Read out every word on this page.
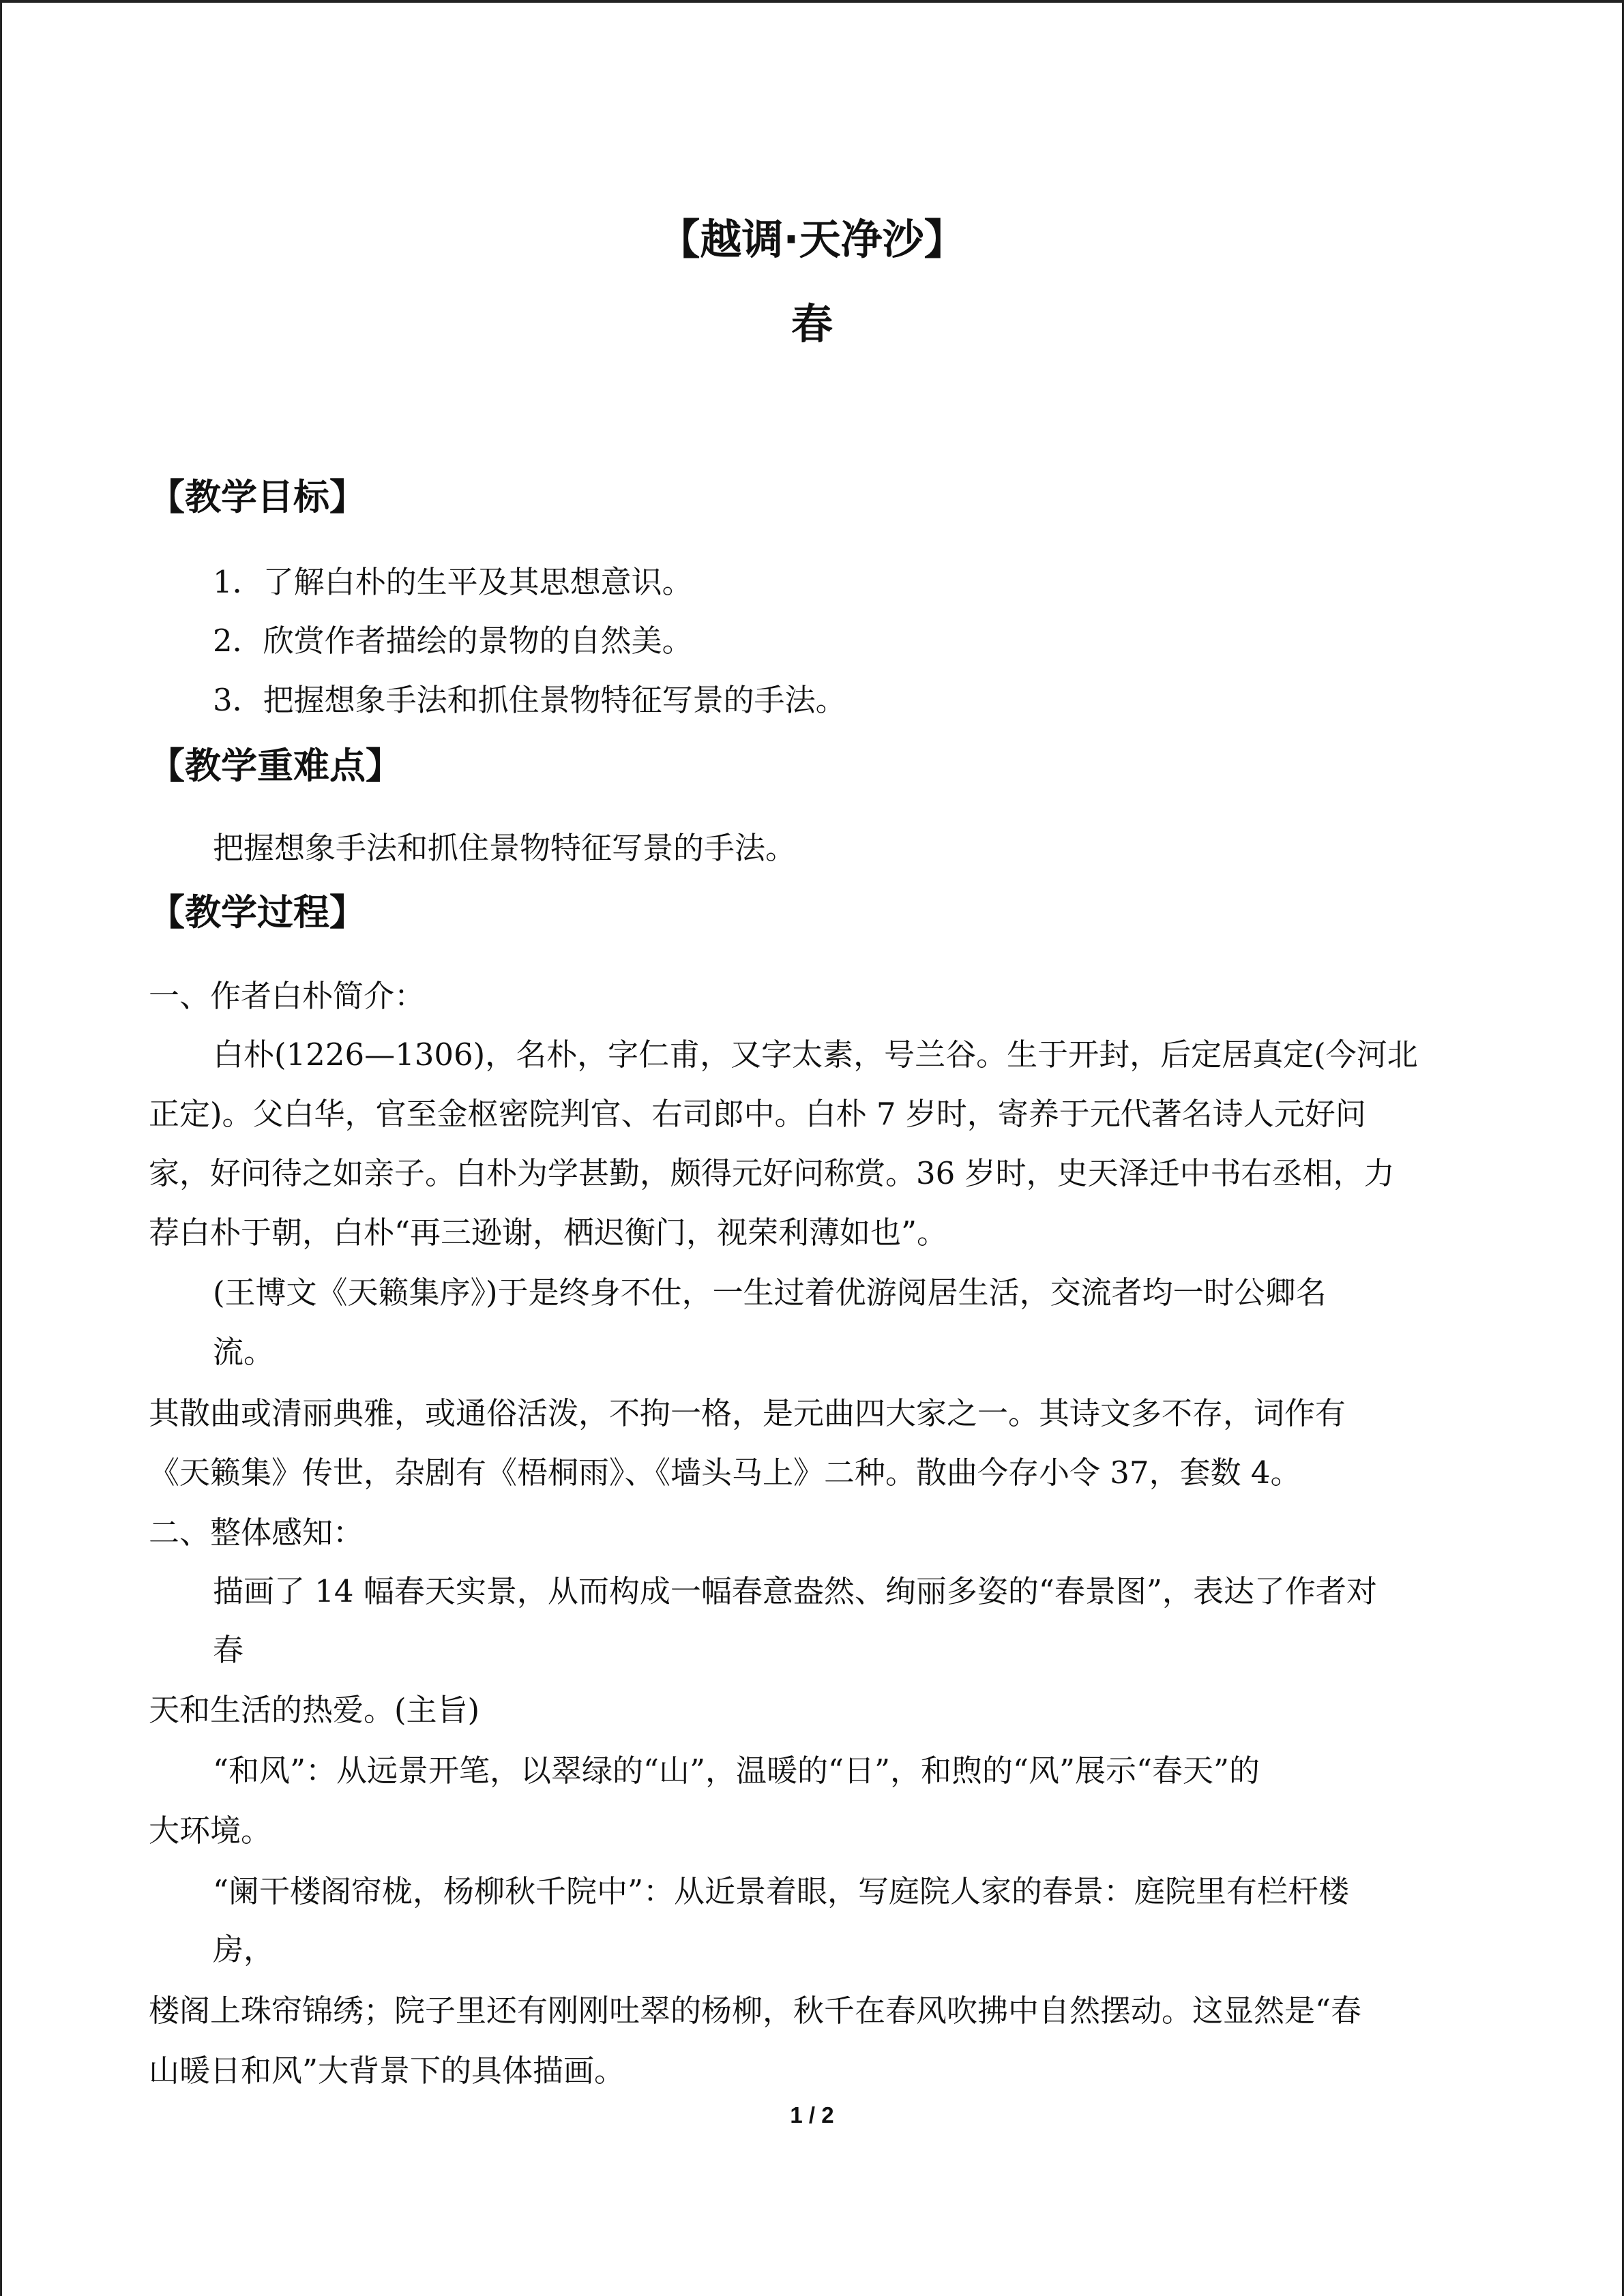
【越调·天净沙】
春
【教学目标】
1．了解白朴的生平及其思想意识。
2．欣赏作者描绘的景物的自然美。
3．把握想象手法和抓住景物特征写景的手法。
【教学重难点】
把握想象手法和抓住景物特征写景的手法。
【教学过程】
一、作者白朴简介：
白朴(1226—1306)，名朴，字仁甫，又字太素，号兰谷。生于开封，后定居真定(今河北
正定)。父白华，官至金枢密院判官、右司郎中。白朴 7 岁时，寄养于元代著名诗人元好问
家，好问待之如亲子。白朴为学甚勤，颇得元好问称赏。36 岁时，史天泽迁中书右丞相，力
荐白朴于朝，白朴“再三逊谢，栖迟衡门，视荣利薄如也”。
(王博文《天籁集序》)于是终身不仕，一生过着优游阅居生活，交流者均一时公卿名
流。
其散曲或清丽典雅，或通俗活泼，不拘一格，是元曲四大家之一。其诗文多不存，词作有
《天籁集》传世，杂剧有《梧桐雨》、《墙头马上》二种。散曲今存小令 37，套数 4。
二、整体感知：
描画了 14 幅春天实景，从而构成一幅春意盎然、绚丽多姿的“春景图”，表达了作者对
春
天和生活的热爱。(主旨)
“和风”：从远景开笔，以翠绿的“山”，温暖的“日”，和煦的“风”展示“春天”的
大环境。
“阑干楼阁帘栊，杨柳秋千院中”：从近景着眼，写庭院人家的春景：庭院里有栏杆楼
房，
楼阁上珠帘锦绣；院子里还有刚刚吐翠的杨柳，秋千在春风吹拂中自然摆动。这显然是“春
山暖日和风”大背景下的具体描画。
1 / 2
